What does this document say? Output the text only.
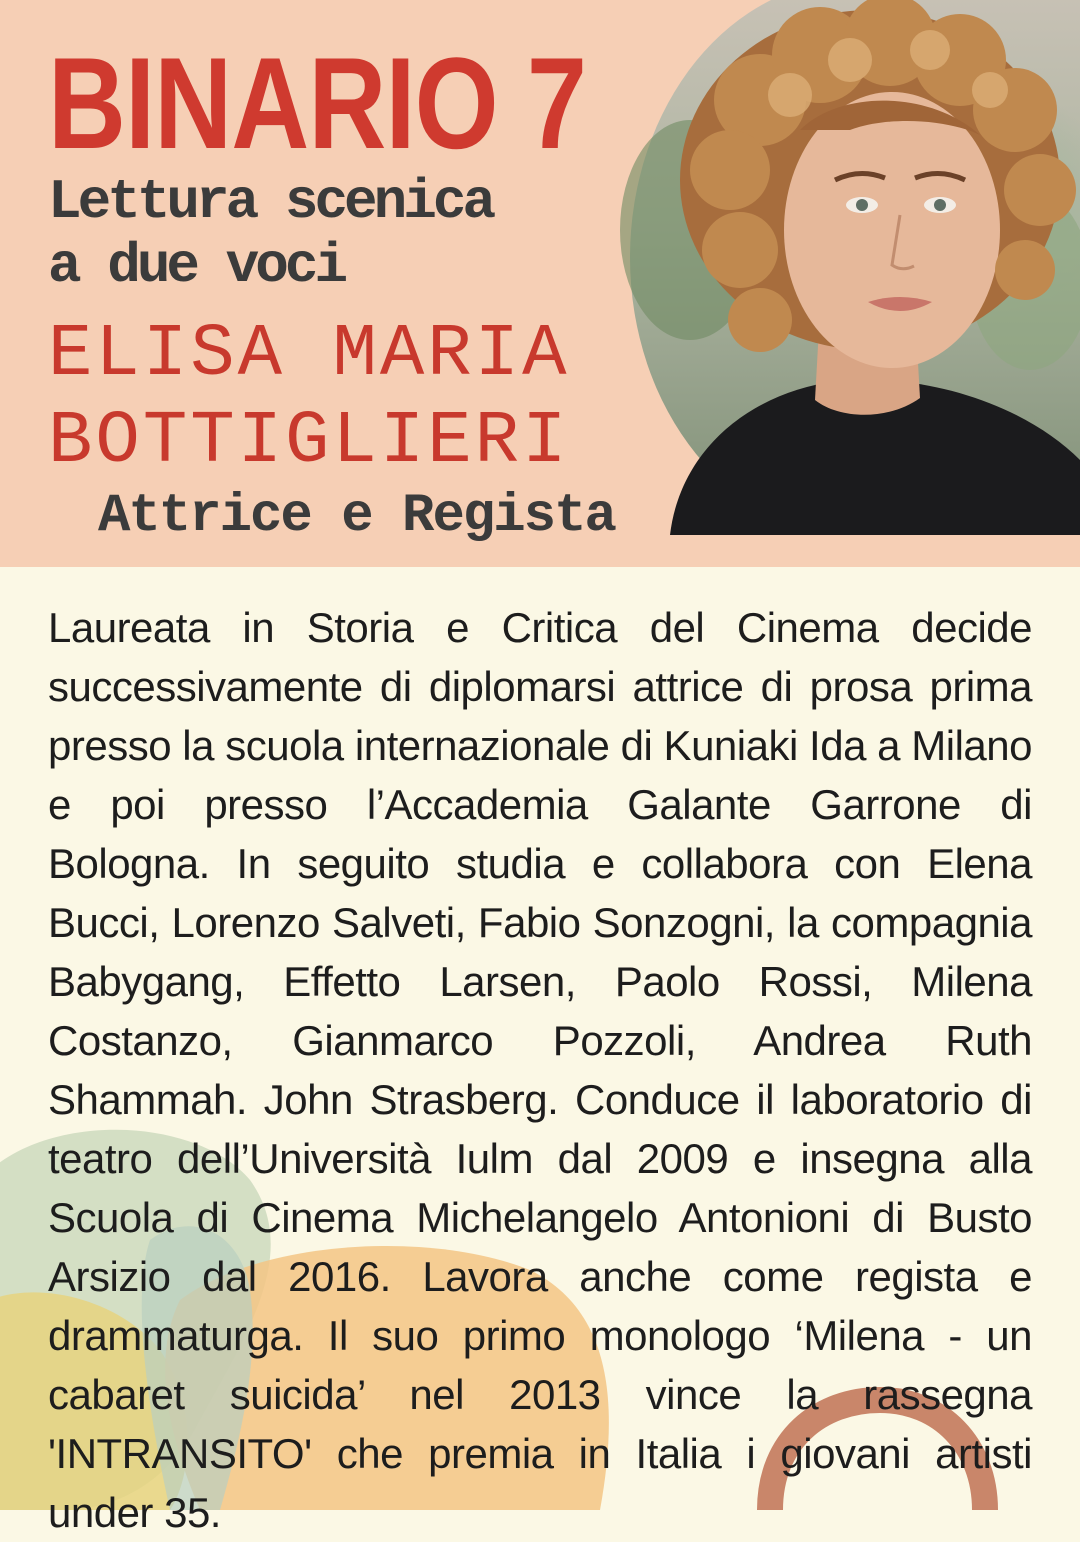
BINARIO 7
Lettura scenica
a due voci
ELISA MARIA
BOTTIGLIERI
Attrice e Regista

Laureata in Storia e Critica del Cinema decide successivamente di diplomarsi attrice di prosa prima presso la scuola internazionale di Kuniaki Ida a Milano e poi presso l’Accademia Galante Garrone di Bologna. In seguito studia e collabora con Elena Bucci, Lorenzo Salveti, Fabio Sonzogni, la compagnia Babygang, Effetto Larsen, Paolo Rossi, Milena Costanzo, Gianmarco Pozzoli, Andrea Ruth Shammah. John Strasberg. Conduce il laboratorio di teatro dell’Università Iulm dal 2009 e insegna alla Scuola di Cinema Michelangelo Antonioni di Busto Arsizio dal 2016. Lavora anche come regista e drammaturga. Il suo primo monologo ‘Milena - un cabaret suicida’ nel 2013 vince la rassegna 'INTRANSITO' che premia in Italia i giovani artisti under 35.
